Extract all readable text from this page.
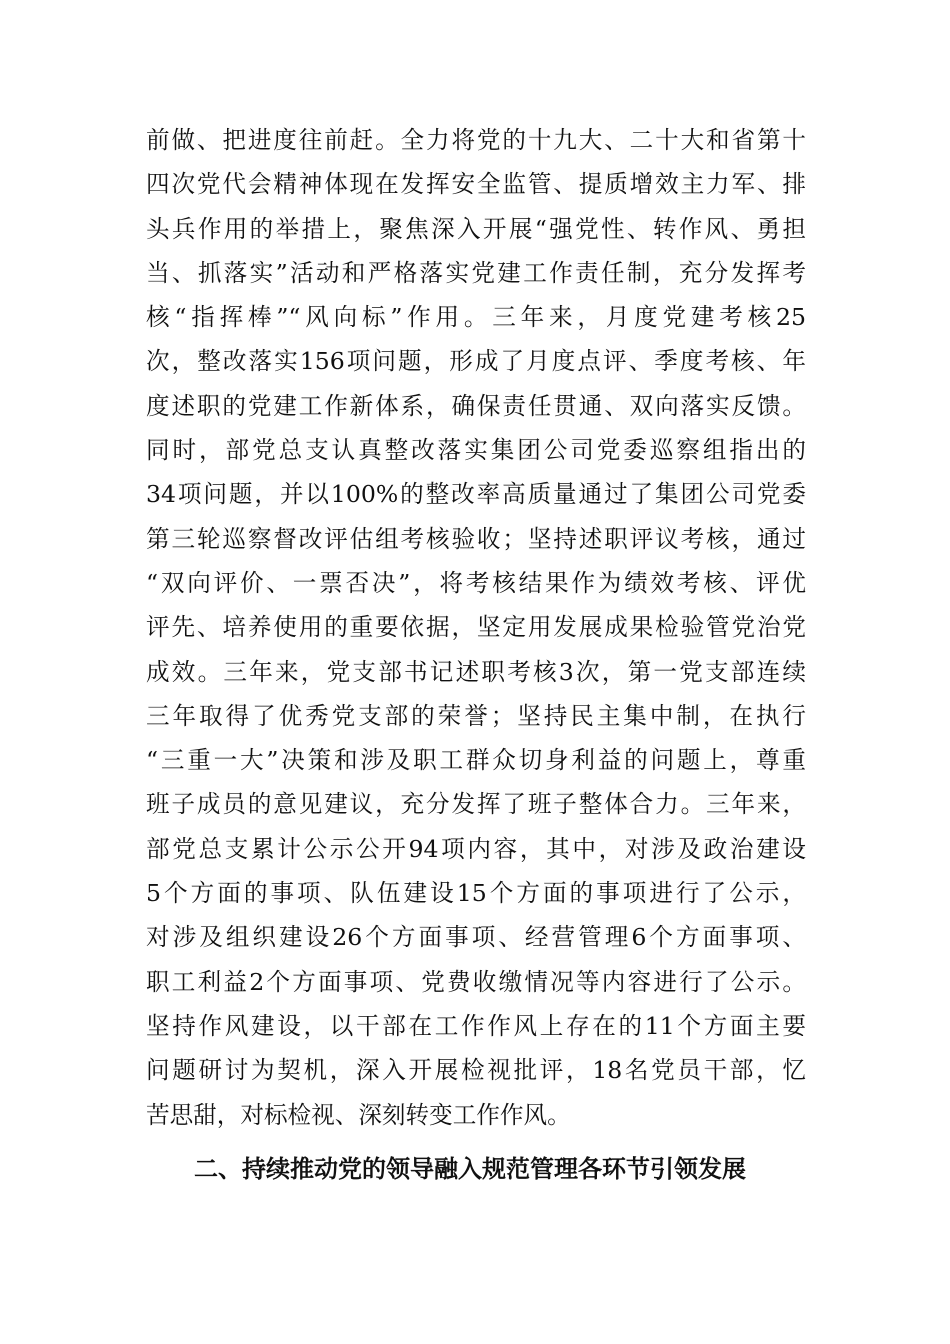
前做、把进度往前赶。全力将党的十九大、二十大和省第十
四次党代会精神体现在发挥安全监管、提质增效主力军、排
头兵作用的举措上，聚焦深入开展“强党性、转作风、勇担
当、抓落实”活动和严格落实党建工作责任制，充分发挥考
核“指挥棒”“风向标”作用。三年来，月度党建考核25
次，整改落实156项问题，形成了月度点评、季度考核、年
度述职的党建工作新体系，确保责任贯通、双向落实反馈。
同时，部党总支认真整改落实集团公司党委巡察组指出的
34项问题，并以100%的整改率高质量通过了集团公司党委
第三轮巡察督改评估组考核验收；坚持述职评议考核，通过
“双向评价、一票否决”，将考核结果作为绩效考核、评优
评先、培养使用的重要依据，坚定用发展成果检验管党治党
成效。三年来，党支部书记述职考核3次，第一党支部连续
三年取得了优秀党支部的荣誉；坚持民主集中制，在执行
“三重一大”决策和涉及职工群众切身利益的问题上，尊重
班子成员的意见建议，充分发挥了班子整体合力。三年来，
部党总支累计公示公开94项内容，其中，对涉及政治建设
5个方面的事项、队伍建设15个方面的事项进行了公示，
对涉及组织建设26个方面事项、经营管理6个方面事项、
职工利益2个方面事项、党费收缴情况等内容进行了公示。
坚持作风建设，以干部在工作作风上存在的11个方面主要
问题研讨为契机，深入开展检视批评，18名党员干部，忆
苦思甜，对标检视、深刻转变工作作风。
二、持续推动党的领导融入规范管理各环节引领发展
